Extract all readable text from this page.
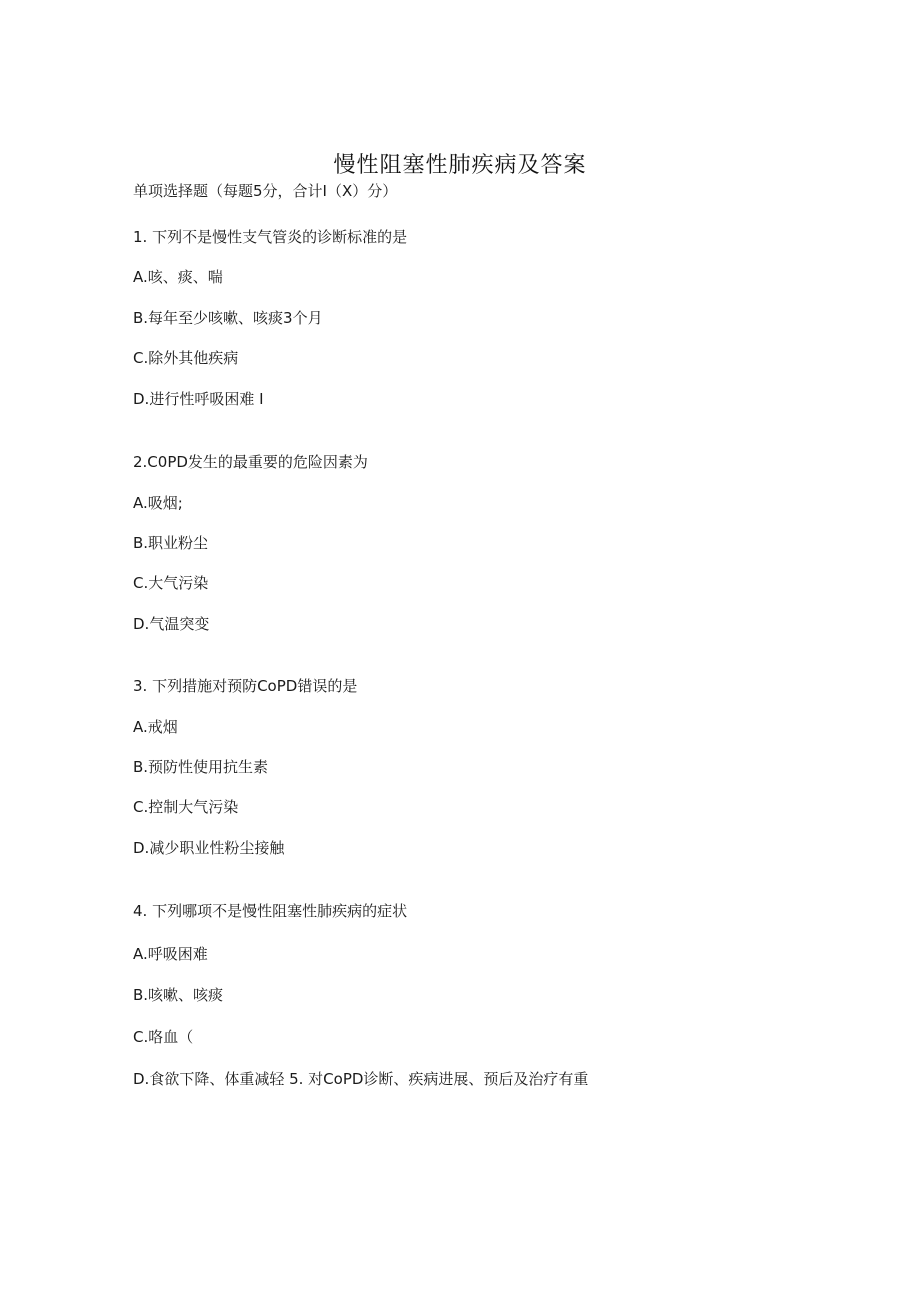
慢性阻塞性肺疾病及答案
单项选择题（每题5分，合计I（X）分）
1. 下列不是慢性支气管炎的诊断标准的是
A.咳、痰、喘
B.每年至少咳嗽、咳痰3个月
C.除外其他疾病
D.进行性呼吸困难 I
2.C0PD发生的最重要的危险因素为
A.吸烟;
B.职业粉尘
C.大气污染
D.气温突变
3. 下列措施对预防CoPD错误的是
A.戒烟
B.预防性使用抗生素
C.控制大气污染
D.减少职业性粉尘接触
4. 下列哪项不是慢性阻塞性肺疾病的症状
A.呼吸困难
B.咳嗽、咳痰
C.咯血（
D.食欲下降、体重减轻 5. 对CoPD诊断、疾病进展、预后及治疗有重
